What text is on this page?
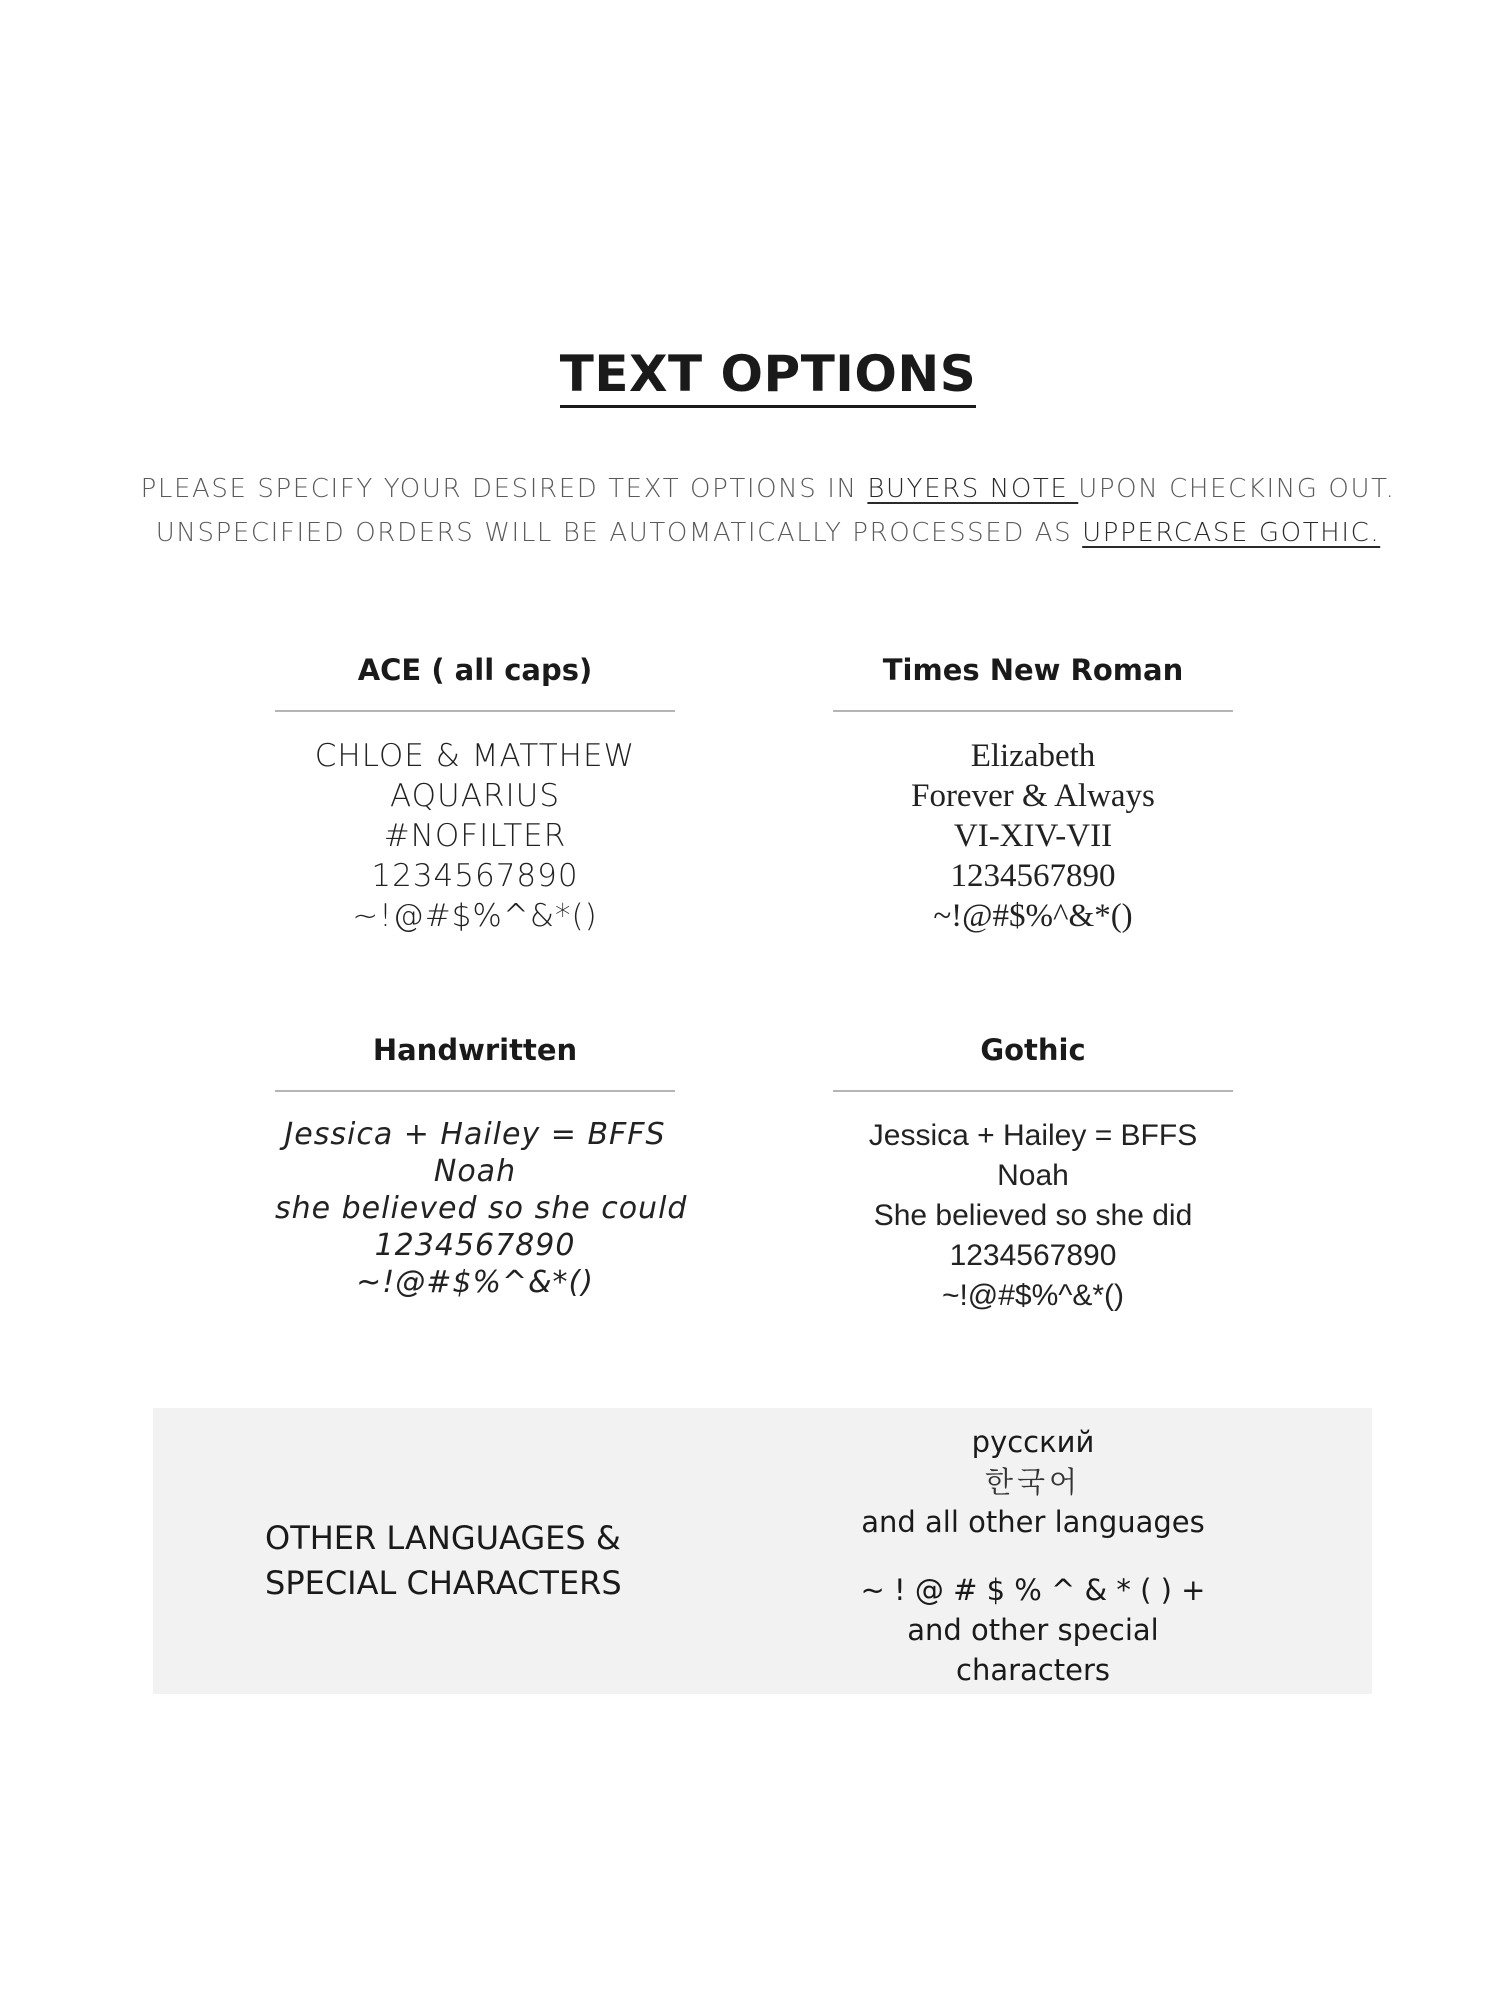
TEXT OPTIONS
PLEASE SPECIFY YOUR DESIRED TEXT OPTIONS IN BUYERS NOTE UPON CHECKING OUT.
UNSPECIFIED ORDERS WILL BE AUTOMATICALLY PROCESSED AS UPPERCASE GOTHIC.
ACE ( all caps)
CHLOE & MATTHEW
AQUARIUS
#NOFILTER
1234567890
~!@#$%^&*()
Times New Roman
Elizabeth
Forever & Always
VI-XIV-VII
1234567890
~!@#$%^&*()
Handwritten
Jessica + Hailey = BFFS
Noah
she believed so she could
1234567890
~!@#$%^&*()
Gothic
Jessica + Hailey = BFFS
Noah
She believed so she did
1234567890
~!@#$%^&*()
OTHER LANGUAGES &
SPECIAL CHARACTERS
русский
한국어
and all other languages
~ ! @ # $ % ^ & * ( ) +
and other special characters
